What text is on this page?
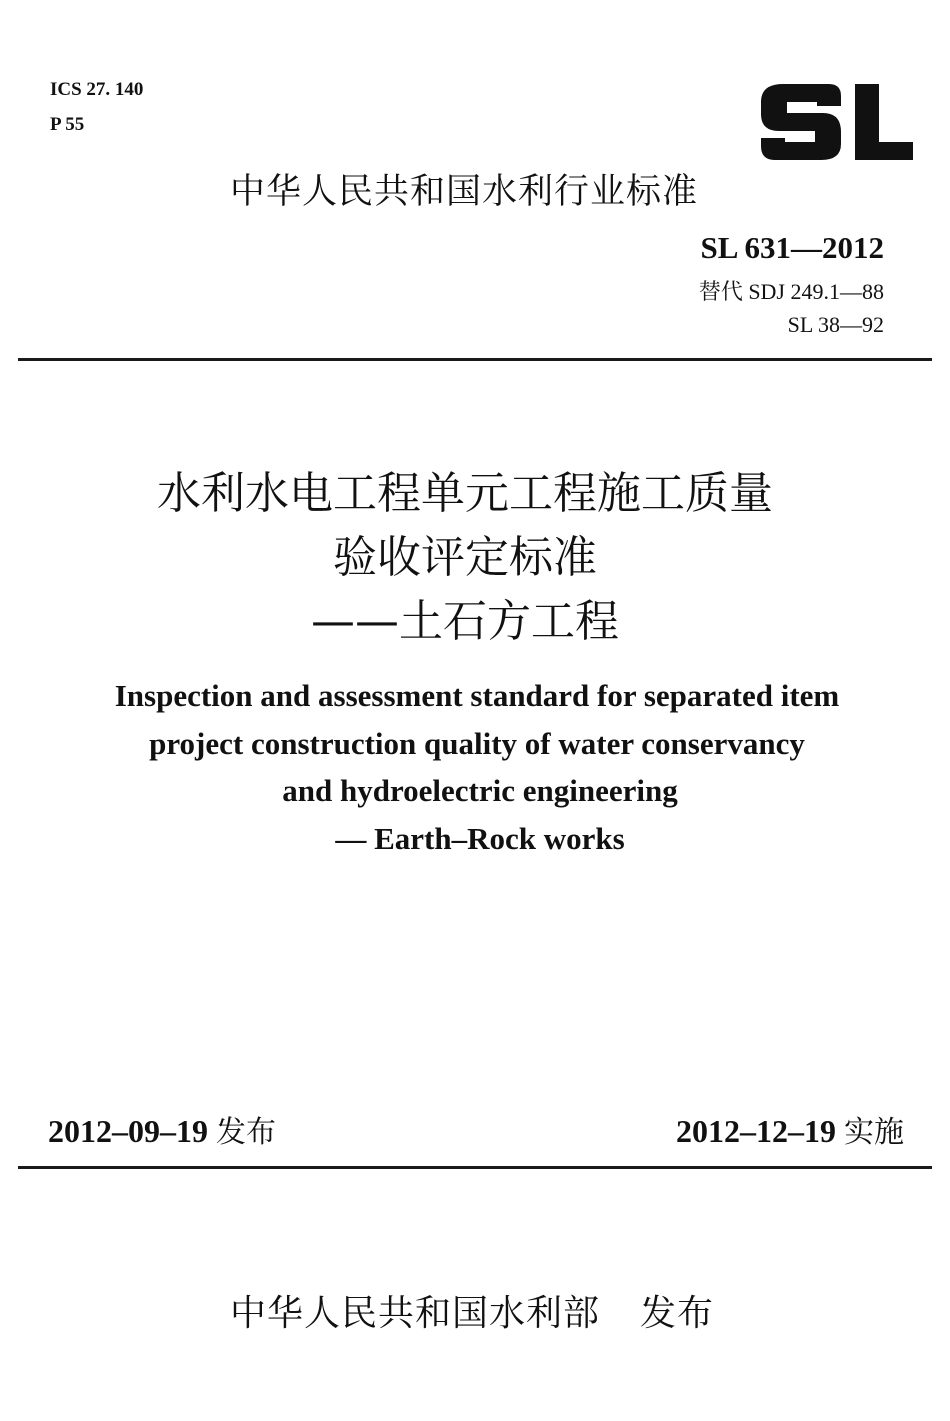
ICS 27. 140
P 55
中华人民共和国水利行业标准
SL 631—2012
替代 SDJ 249.1—88
SL 38—92
水利水电工程单元工程施工质量
验收评定标准
——土石方工程
Inspection and assessment standard for separated item
project construction quality of water conservancy
and hydroelectric engineering
— Earth–Rock works
2012–09–19 发布	2012–12–19 实施
中华人民共和国水利部 发布
